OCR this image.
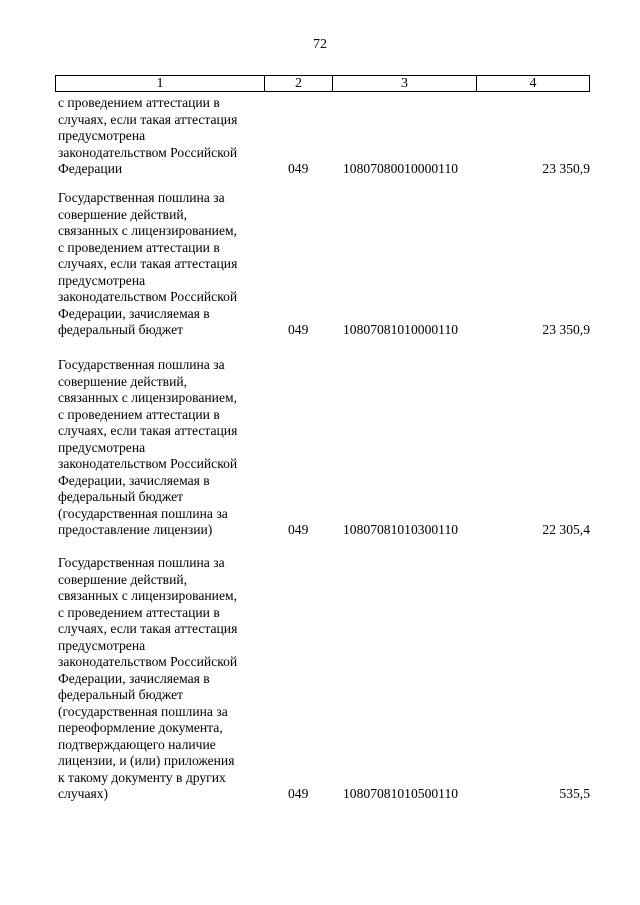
72
1	2	3	4
с проведением аттестации в
случаях, если такая аттестация
предусмотрена
законодательством Российской
Федерации	049	10807080010000110	23 350,9
Государственная пошлина за
совершение действий,
связанных с лицензированием,
с проведением аттестации в
случаях, если такая аттестация
предусмотрена
законодательством Российской
Федерации, зачисляемая в
федеральный бюджет	049	10807081010000110	23 350,9
Государственная пошлина за
совершение действий,
связанных с лицензированием,
с проведением аттестации в
случаях, если такая аттестация
предусмотрена
законодательством Российской
Федерации, зачисляемая в
федеральный бюджет
(государственная пошлина за
предоставление лицензии)	049	10807081010300110	22 305,4
Государственная пошлина за
совершение действий,
связанных с лицензированием,
с проведением аттестации в
случаях, если такая аттестация
предусмотрена
законодательством Российской
Федерации, зачисляемая в
федеральный бюджет
(государственная пошлина за
переоформление документа,
подтверждающего наличие
лицензии, и (или) приложения
к такому документу в других
случаях)	049	10807081010500110	535,5
